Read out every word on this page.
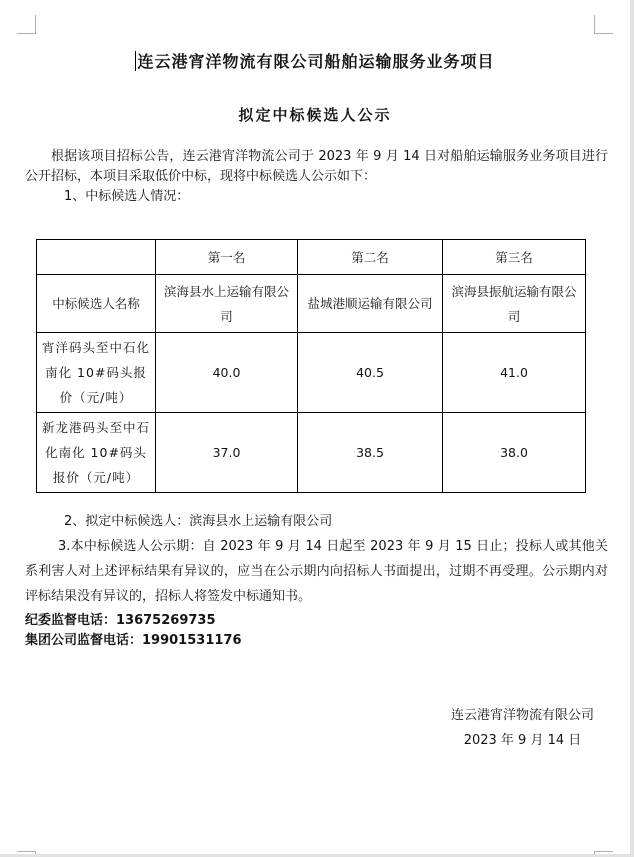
连云港宵洋物流有限公司船舶运输服务业务项目
拟定中标候选人公示

根据该项目招标公告，连云港宵洋物流公司于 2023 年 9 月 14 日对船舶运输服务业务项目进行公开招标，本项目采取低价中标，现将中标候选人公示如下：

1、中标候选人情况：

	第一名	第二名	第三名
中标候选人名称	滨海县水上运输有限公司	盐城港顺运输有限公司	滨海县振航运输有限公司
宵洋码头至中石化南化 10#码头报价（元/吨）	40.0	40.5	41.0
新龙港码头至中石化南化 10#码头报价（元/吨）	37.0	38.5	38.0

2、拟定中标候选人：滨海县水上运输有限公司

3.本中标候选人公示期：自 2023 年 9 月 14 日起至 2023 年 9 月 15 日止；投标人或其他关系利害人对上述评标结果有异议的，应当在公示期内向招标人书面提出，过期不再受理。公示期内对评标结果没有异议的，招标人将签发中标通知书。

纪委监督电话：13675269735

集团公司监督电话：19901531176

连云港宵洋物流有限公司
2023 年 9 月 14 日
